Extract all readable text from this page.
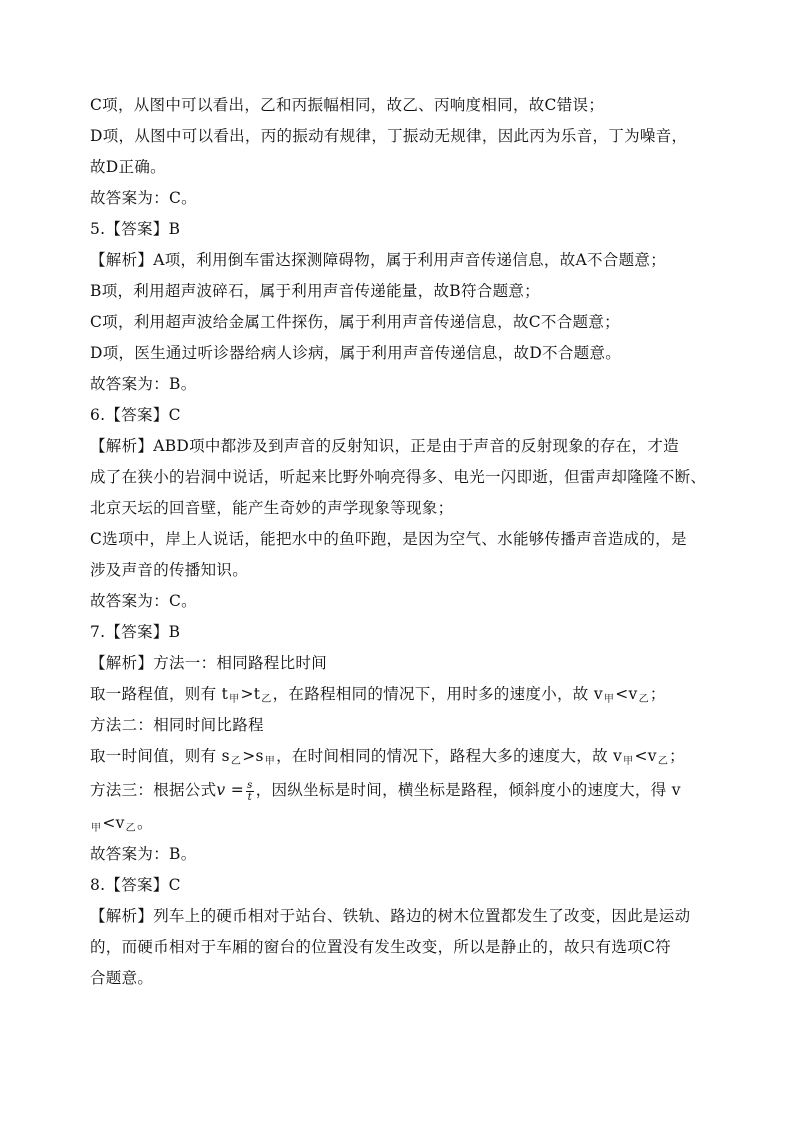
C项，从图中可以看出，乙和丙振幅相同，故乙、丙响度相同，故C错误；
D项，从图中可以看出，丙的振动有规律，丁振动无规律，因此丙为乐音，丁为噪音，
故D正确。
故答案为：C。
5.【答案】B
【解析】A项，利用倒车雷达探测障碍物，属于利用声音传递信息，故A不合题意；
B项，利用超声波碎石，属于利用声音传递能量，故B符合题意；
C项，利用超声波给金属工件探伤，属于利用声音传递信息，故C不合题意；
D项，医生通过听诊器给病人诊病，属于利用声音传递信息，故D不合题意。
故答案为：B。
6.【答案】C
【解析】ABD项中都涉及到声音的反射知识，正是由于声音的反射现象的存在，才造
成了在狭小的岩洞中说话，听起来比野外响亮得多、电光一闪即逝，但雷声却隆隆不断、
北京天坛的回音壁，能产生奇妙的声学现象等现象；
C选项中，岸上人说话，能把水中的鱼吓跑，是因为空气、水能够传播声音造成的，是
涉及声音的传播知识。
故答案为：C。
7.【答案】B
【解析】方法一：相同路程比时间
取一路程值，则有 t甲>t乙，在路程相同的情况下，用时多的速度小，故 v甲<v乙；
方法二：相同时间比路程
取一时间值，则有 s乙>s甲，在时间相同的情况下，路程大多的速度大，故 v甲<v乙；
方法三：根据公式$v = \frac{s}{t}$ ，因纵坐标是时间，横坐标是路程，倾斜度小的速度大，得 v
甲<v乙。
故答案为：B。
8.【答案】C
【解析】列车上的硬币相对于站台、铁轨、路边的树木位置都发生了改变，因此是运动
的，而硬币相对于车厢的窗台的位置没有发生改变，所以是静止的，故只有选项C符
合题意。
